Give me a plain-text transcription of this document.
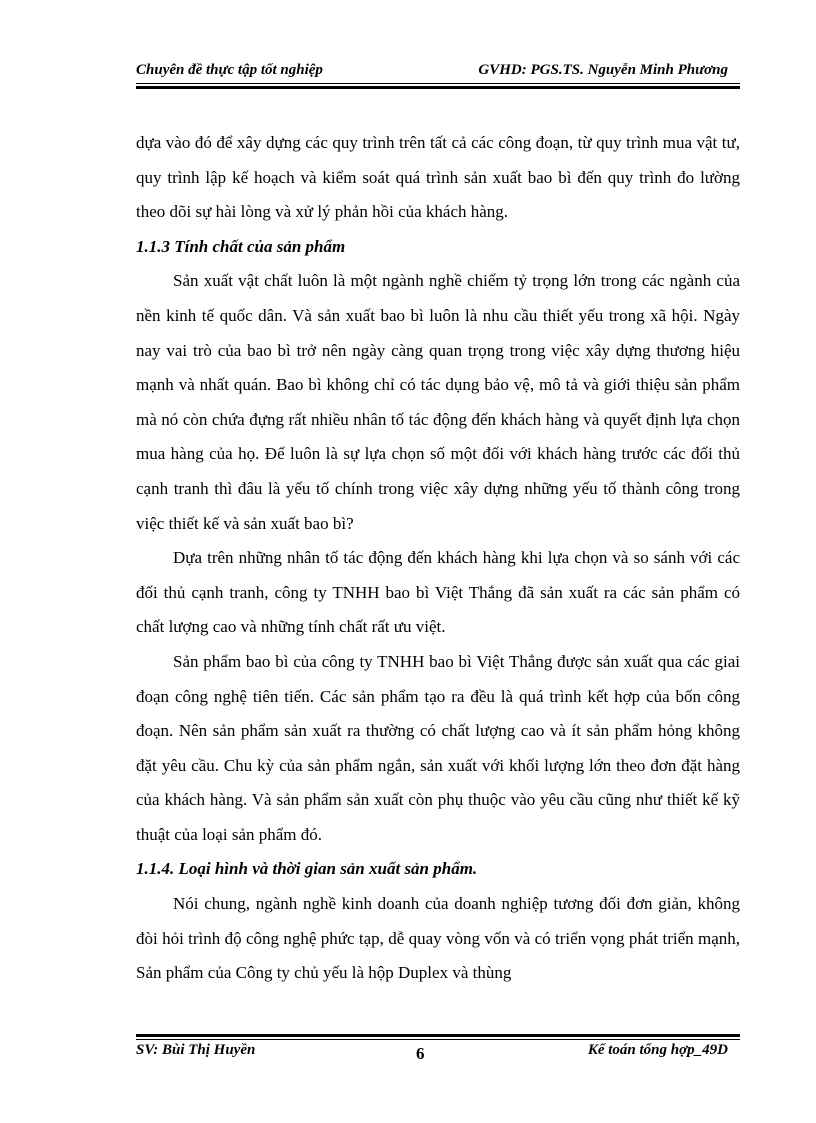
Chuyên đề thực tập tốt nghiệp	GVHD: PGS.TS. Nguyễn Minh Phương

dựa vào đó để xây dựng các quy trình trên tất cả các công đoạn, từ quy trình mua vật tư, quy trình lập kế hoạch và kiểm soát quá trình sản xuất bao bì đến quy trình đo lường theo dõi sự hài lòng và xử lý phản hồi của khách hàng.

1.1.3 Tính chất của sản phẩm

Sản xuất vật chất luôn là một ngành nghề chiếm tỷ trọng lớn trong các ngành của nền kinh tế quốc dân. Và sản xuất bao bì luôn là nhu cầu thiết yếu trong xã hội. Ngày nay vai trò của bao bì trở nên ngày càng quan trọng trong việc xây dựng thương hiệu mạnh và nhất quán. Bao bì không chỉ có tác dụng bảo vệ, mô tả và giới thiệu sản phẩm mà nó còn chứa đựng rất nhiều nhân tố tác động đến khách hàng và quyết định lựa chọn mua hàng của họ. Để luôn là sự lựa chọn số một đối với khách hàng trước các đối thủ cạnh tranh thì đâu là yếu tố chính trong việc xây dựng những yếu tố thành công trong việc thiết kế và sản xuất bao bì?

Dựa trên những nhân tố tác động đến khách hàng khi lựa chọn và so sánh với các đối thủ cạnh tranh, công ty TNHH bao bì Việt Thắng đã sản xuất ra các sản phẩm có chất lượng cao và những tính chất rất ưu việt.

Sản phẩm bao bì của công ty TNHH bao bì Việt Thắng được sản xuất qua các giai đoạn công nghệ tiên tiến. Các sản phẩm tạo ra đều là quá trình kết hợp của bốn công đoạn. Nên sản phẩm sản xuất ra thường có chất lượng cao và ít sản phẩm hỏng không đặt yêu cầu. Chu kỳ của sản phẩm ngắn, sản xuất với khối lượng lớn theo đơn đặt hàng của khách hàng. Và sản phẩm sản xuất còn phụ thuộc vào yêu cầu cũng như thiết kế kỹ thuật của loại sản phẩm đó.

1.1.4. Loại hình và thời gian sản xuất sản phẩm.

Nói chung, ngành nghề kinh doanh của doanh nghiệp tương đối đơn giản, không đòi hỏi trình độ công nghệ phức tạp, dễ quay vòng vốn và có triển vọng phát triển mạnh, Sản phẩm của Công ty chủ yếu là hộp Duplex và thùng

SV: Bùi Thị Huyền	6	Kế toán tổng hợp_49D
